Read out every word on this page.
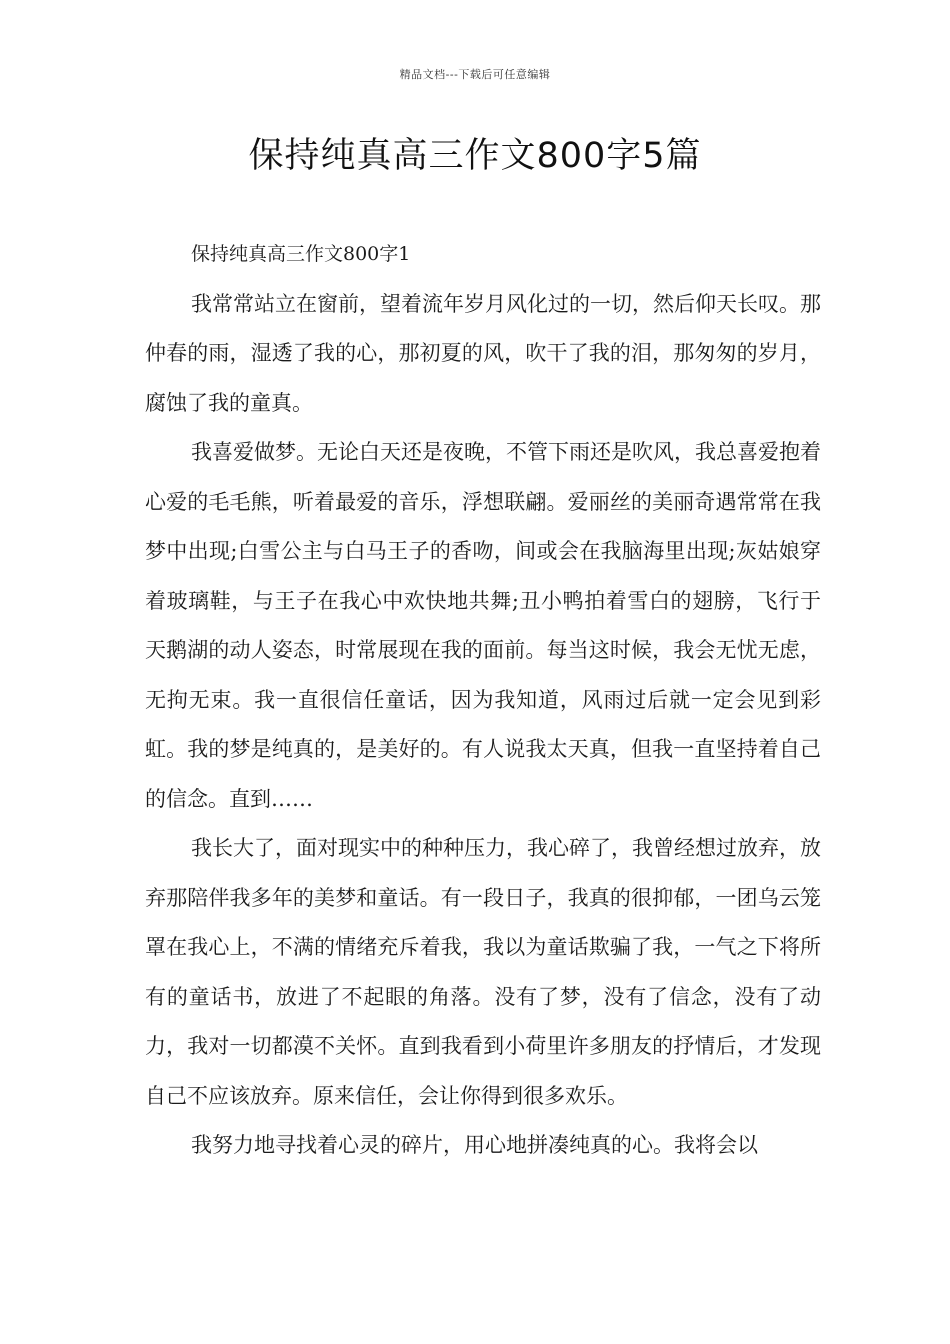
精品文档---下载后可任意编辑
保持纯真高三作文800字5篇

保持纯真高三作文800字1

我常常站立在窗前，望着流年岁月风化过的一切，然后仰天长叹。那仲春的雨，湿透了我的心，那初夏的风，吹干了我的泪，那匆匆的岁月，腐蚀了我的童真。

我喜爱做梦。无论白天还是夜晚，不管下雨还是吹风，我总喜爱抱着心爱的毛毛熊，听着最爱的音乐，浮想联翩。爱丽丝的美丽奇遇常常在我梦中出现;白雪公主与白马王子的香吻，间或会在我脑海里出现;灰姑娘穿着玻璃鞋，与王子在我心中欢快地共舞;丑小鸭拍着雪白的翅膀，飞行于天鹅湖的动人姿态，时常展现在我的面前。每当这时候，我会无忧无虑，无拘无束。我一直很信任童话，因为我知道，风雨过后就一定会见到彩虹。我的梦是纯真的，是美好的。有人说我太天真，但我一直坚持着自己的信念。直到……

我长大了，面对现实中的种种压力，我心碎了，我曾经想过放弃，放弃那陪伴我多年的美梦和童话。有一段日子，我真的很抑郁，一团乌云笼罩在我心上，不满的情绪充斥着我，我以为童话欺骗了我，一气之下将所有的童话书，放进了不起眼的角落。没有了梦，没有了信念，没有了动力，我对一切都漠不关怀。直到我看到小荷里许多朋友的抒情后，才发现自己不应该放弃。原来信任，会让你得到很多欢乐。

我努力地寻找着心灵的碎片，用心地拼凑纯真的心。我将会以
